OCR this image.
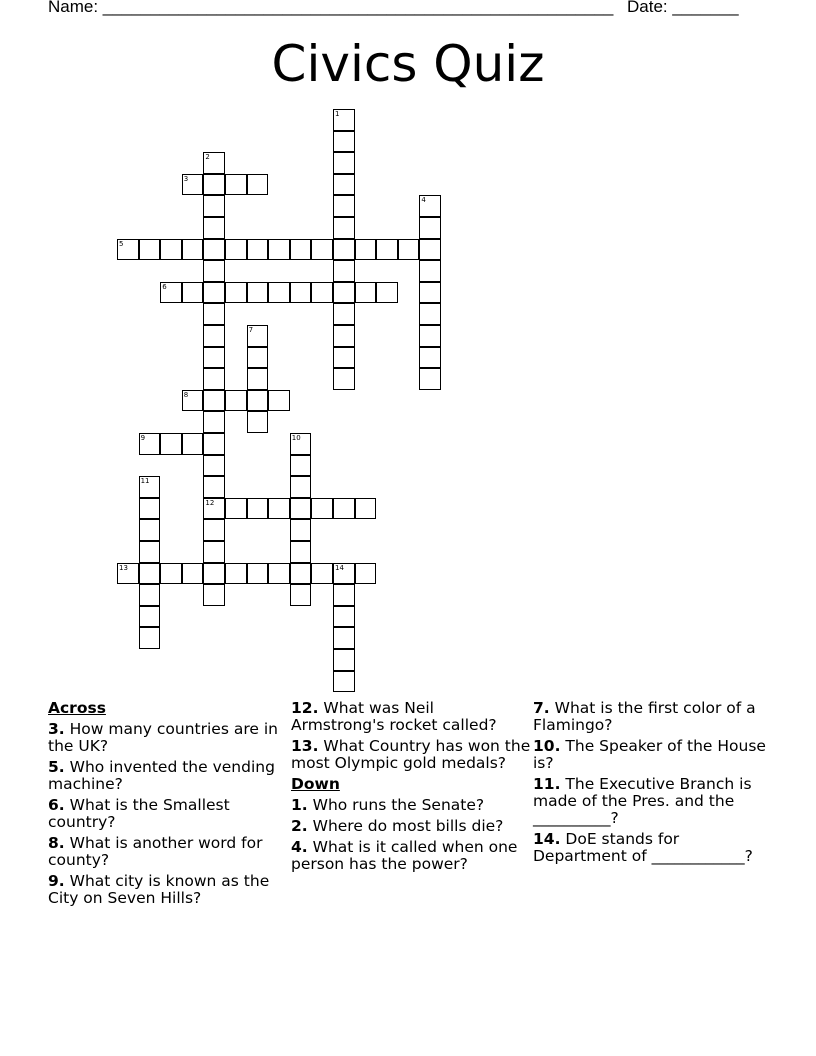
Name: ______________________________________________________ Date: _______
Civics Quiz
1
2
12
3
4
5
6
7
8
9	10
11
13	14
Across
3. How many countries are in the UK?
5. Who invented the vending machine?
6. What is the Smallest country?
8. What is another word for county?
9. What city is known as the City on Seven Hills?
12. What was Neil Armstrong's rocket called?
13. What Country has won the most Olympic gold medals?
Down
1. Who runs the Senate?
2. Where do most bills die?
4. What is it called when one person has the power?
7. What is the first color of a Flamingo?
10. The Speaker of the House is?
11. The Executive Branch is made of the Pres. and the __________?
14. DoE stands for Department of ____________?
